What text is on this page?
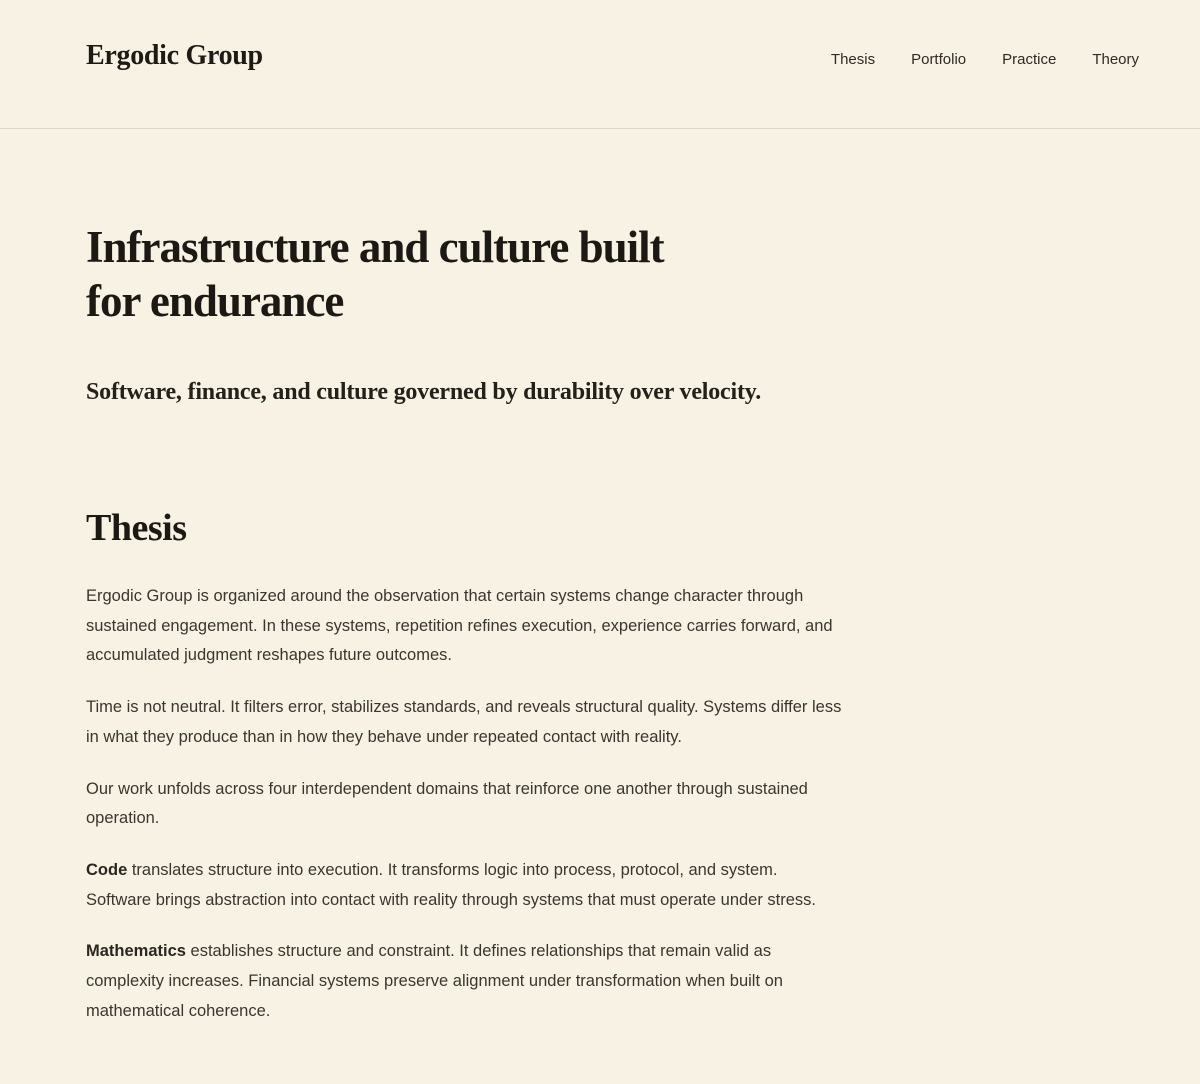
Ergodic Group	Thesis Portfolio Practice Theory
Infrastructure and culture built
for endurance
Software, finance, and culture governed by durability over velocity.
Thesis

Ergodic Group is organized around the observation that certain systems change character through sustained engagement. In these systems, repetition refines execution, experience carries forward, and accumulated judgment reshapes future outcomes.

Time is not neutral. It filters error, stabilizes standards, and reveals structural quality. Systems differ less in what they produce than in how they behave under repeated contact with reality.

Our work unfolds across four interdependent domains that reinforce one another through sustained operation.

Code translates structure into execution. It transforms logic into process, protocol, and system. Software brings abstraction into contact with reality through systems that must operate under stress.

Mathematics establishes structure and constraint. It defines relationships that remain valid as complexity increases. Financial systems preserve alignment under transformation when built on mathematical coherence.
